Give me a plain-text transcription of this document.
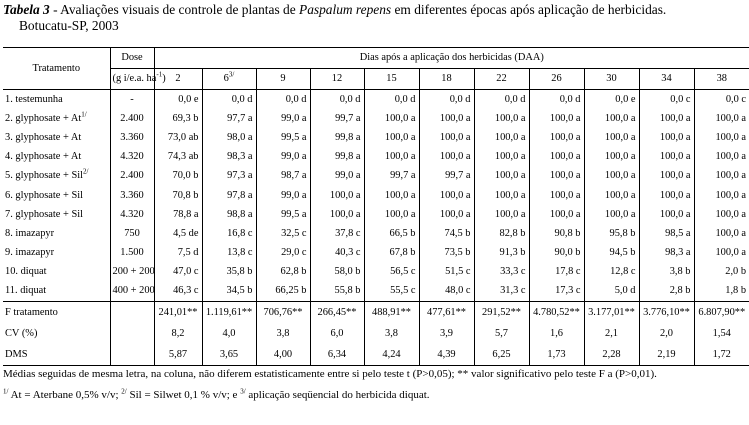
Tabela 3 - Avaliações visuais de controle de plantas de Paspalum repens em diferentes épocas após aplicação de herbicidas.
Botucatu-SP, 2003
Tratamento	Dose	Dias após a aplicação dos herbicidas (DAA)										
	(g i/e.a. $ha^{-1}$)	2	$6^{3/}$	9	12	15	18	22	26	30	34	38
1. testemunha	-	0,0 e	0,0 d	0,0 d	0,0 d	0,0 d	0,0 d	0,0 d	0,0 d	0,0 e	0,0 c	0,0 c
2. glyphosate + $At^{1/}$	2.400	69,3 b	97,7 a	99,0 a	99,7 a	100,0 a	100,0 a	100,0 a	100,0 a	100,0 a	100,0 a	100,0 a
3. glyphosate + At	3.360	73,0 ab	98,0 a	99,5 a	99,8 a	100,0 a	100,0 a	100,0 a	100,0 a	100,0 a	100,0 a	100,0 a
4. glyphosate + At	4.320	74,3 ab	98,3 a	99,0 a	99,8 a	100,0 a	100,0 a	100,0 a	100,0 a	100,0 a	100,0 a	100,0 a
5. glyphosate + Sil$^{2/}$	2.400	70,0 b	97,3 a	98,7 a	99,0 a	99,7 a	99,7 a	100,0 a	100,0 a	100,0 a	100,0 a	100,0 a
6. glyphosate + Sil	3.360	70,8 b	97,8 a	99,0 a	100,0 a	100,0 a	100,0 a	100,0 a	100,0 a	100,0 a	100,0 a	100,0 a
7. glyphosate + Sil	4.320	78,8 a	98,8 a	99,5 a	100,0 a	100,0 a	100,0 a	100,0 a	100,0 a	100,0 a	100,0 a	100,0 a
8. imazapyr	750	4,5 de	16,8 c	32,5 c	37,8 c	66,5 b	74,5 b	82,8 b	90,8 b	95,8 b	98,5 a	100,0 a
9. imazapyr	1.500	7,5 d	13,8 c	29,0 c	40,3 c	67,8 b	73,5 b	91,3 b	90,0 b	94,5 b	98,3 a	100,0 a
10. diquat	200 + 200	47,0 c	35,8 b	62,8 b	58,0 b	56,5 c	51,5 c	33,3 c	17,8 c	12,8 c	3,8 b	2,0 b
11. diquat	400 + 200	46,3 c	34,5 b	66,25 b	55,8 b	55,5 c	48,0 c	31,3 c	17,3 c	5,0 d	2,8 b	1,8 b
F tratamento		241,01**	1.119,61**	706,76**	266,45**	488,91**	477,61**	291,52**	4.780,52**	3.177,01**	3.776,10**	6.807,90**
CV (%)		8,2	4,0	3,8	6,0	3,8	3,9	5,7	1,6	2,1	2,0	1,54
DMS		5,87	3,65	4,00	6,34	4,24	4,39	6,25	1,73	2,28	2,19	1,72
Médias seguidas de mesma letra, na coluna, não diferem estatisticamente entre si pelo teste t (P>0,05); ** valor significativo pelo teste F a (P>0,01).
$^{1/}$ At = Aterbane 0,5% v/v; $^{2/}$ Sil = Silwet 0,1 % v/v; e $^{3/}$ aplicação seqüencial do herbicida diquat.
